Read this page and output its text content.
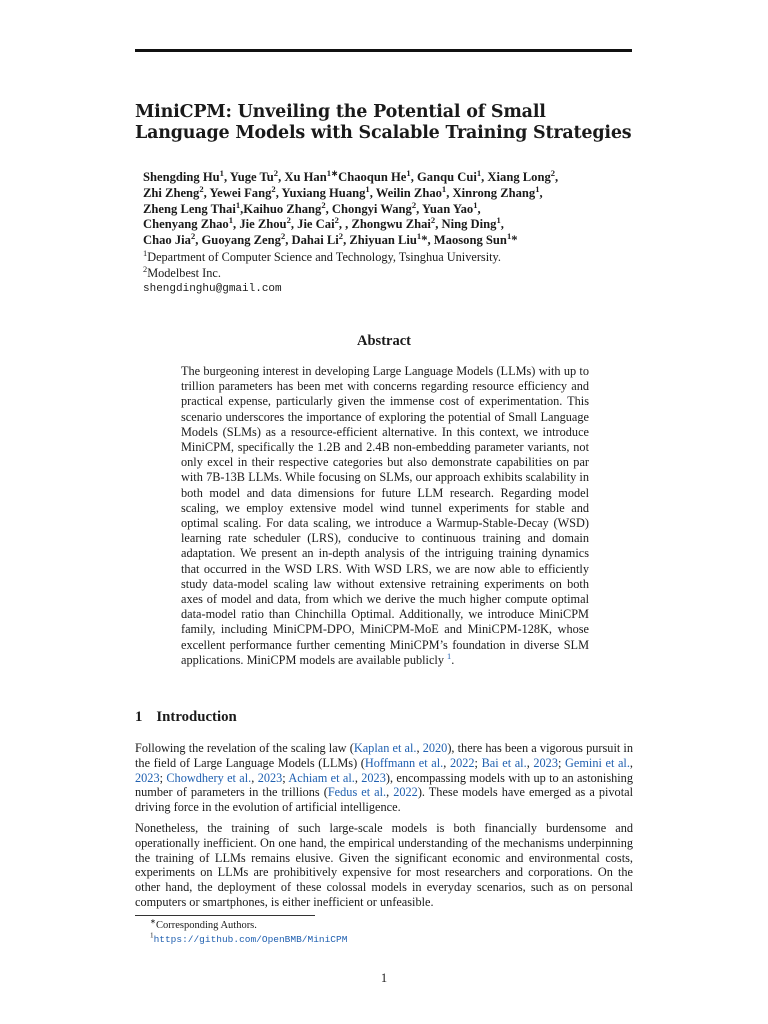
MiniCPM: Unveiling the Potential of Small Language Models with Scalable Training Strategies
Shengding Hu$^1$, Yuge Tu$^2$, Xu Han$^{1∗}$Chaoqun He$^1$, Ganqu Cui$^1$, Xiang Long$^2$,
Zhi Zheng$^2$, Yewei Fang$^2$, Yuxiang Huang$^1$, Weilin Zhao$^1$, Xinrong Zhang$^1$,
Zheng Leng Thai$^1$,Kaihuo Zhang$^2$, Chongyi Wang$^2$, Yuan Yao$^1$,
Chenyang Zhao$^1$, Jie Zhou$^2$, Jie Cai$^2$, , Zhongwu Zhai$^2$, Ning Ding$^1$,
Chao Jia$^2$, Guoyang Zeng$^2$, Dahai Li$^2$, Zhiyuan Liu$^1$*, Maosong Sun$^1$*
$^1$Department of Computer Science and Technology, Tsinghua University.
$^2$Modelbest Inc.
shengdinghu@gmail.com
Abstract

The burgeoning interest in developing Large Language Models (LLMs) with up to trillion parameters has been met with concerns regarding resource efficiency and practical expense, particularly given the immense cost of experimentation. This scenario underscores the importance of exploring the potential of Small Language Models (SLMs) as a resource-efficient alternative. In this context, we introduce MiniCPM, specifically the 1.2B and 2.4B non-embedding parameter variants, not only excel in their respective categories but also demonstrate capabilities on par with 7B-13B LLMs. While focusing on SLMs, our approach exhibits scalability in both model and data dimensions for future LLM research. Regarding model scaling, we employ extensive model wind tunnel experiments for stable and optimal scaling. For data scaling, we introduce a Warmup-Stable-Decay (WSD) learning rate scheduler (LRS), conducive to continuous training and domain adaptation. We present an in-depth analysis of the intriguing training dynamics that occurred in the WSD LRS. With WSD LRS, we are now able to efficiently study data-model scaling law without extensive retraining experiments on both axes of model and data, from which we derive the much higher compute optimal data-model ratio than Chinchilla Optimal. Additionally, we introduce MiniCPM family, including MiniCPM-DPO, MiniCPM-MoE and MiniCPM-128K, whose excellent performance further cementing MiniCPM’s foundation in diverse SLM applications. MiniCPM models are available publicly $^1$.

1 Introduction

Following the revelation of the scaling law (Kaplan et al., 2020), there has been a vigorous pursuit in the field of Large Language Models (LLMs) (Hoffmann et al., 2022; Bai et al., 2023; Gemini et al., 2023; Chowdhery et al., 2023; Achiam et al., 2023), encompassing models with up to an astonishing number of parameters in the trillions (Fedus et al., 2022). These models have emerged as a pivotal driving force in the evolution of artificial intelligence.

Nonetheless, the training of such large-scale models is both financially burdensome and operationally inefficient. On one hand, the empirical understanding of the mechanisms underpinning the training of LLMs remains elusive. Given the significant economic and environmental costs, experiments on LLMs are prohibitively expensive for most researchers and corporations. On the other hand, the deployment of these colossal models in everyday scenarios, such as on personal computers or smartphones, is either inefficient or unfeasible.

∗Corresponding Authors.
$^1$https://github.com/OpenBMB/MiniCPM
1
